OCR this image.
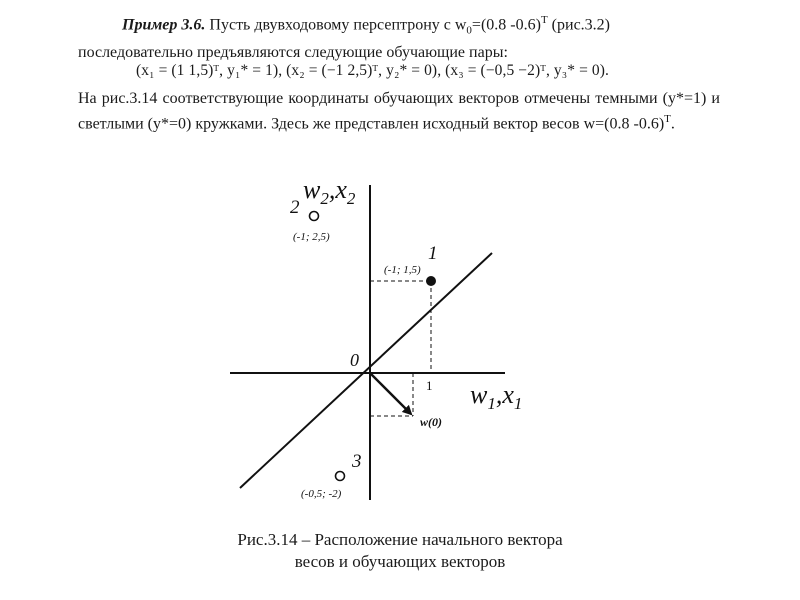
Пример 3.6. Пусть двувходовому персептрону с $w_0=(0.8$ -0.6)$^T$ (рис.3.2)

последовательно предъявляются следующие обучающие пары:

На рис.3.14 соответствующие координаты обучающих векторов отмечены темными (y*=1) и светлыми (y*=0) кружками. Здесь же представлен исходный вектор весов w=(0.8 -0.6)$^T$.

(x₁ = (1 1,5)ᵀ, y₁* = 1), (x₂ = (−1 2,5)ᵀ, y₂* = 0), (x₃ = (−0,5 −2)ᵀ, y₃* = 0).
$w_2,x_2$
$w_1,x_1$
0
1
w(0)
1
(-1; 1,5)
2
(-1; 2,5)
3
(-0,5; -2)
Рис.3.14 – Расположение начального вектора
весов и обучающих векторов
